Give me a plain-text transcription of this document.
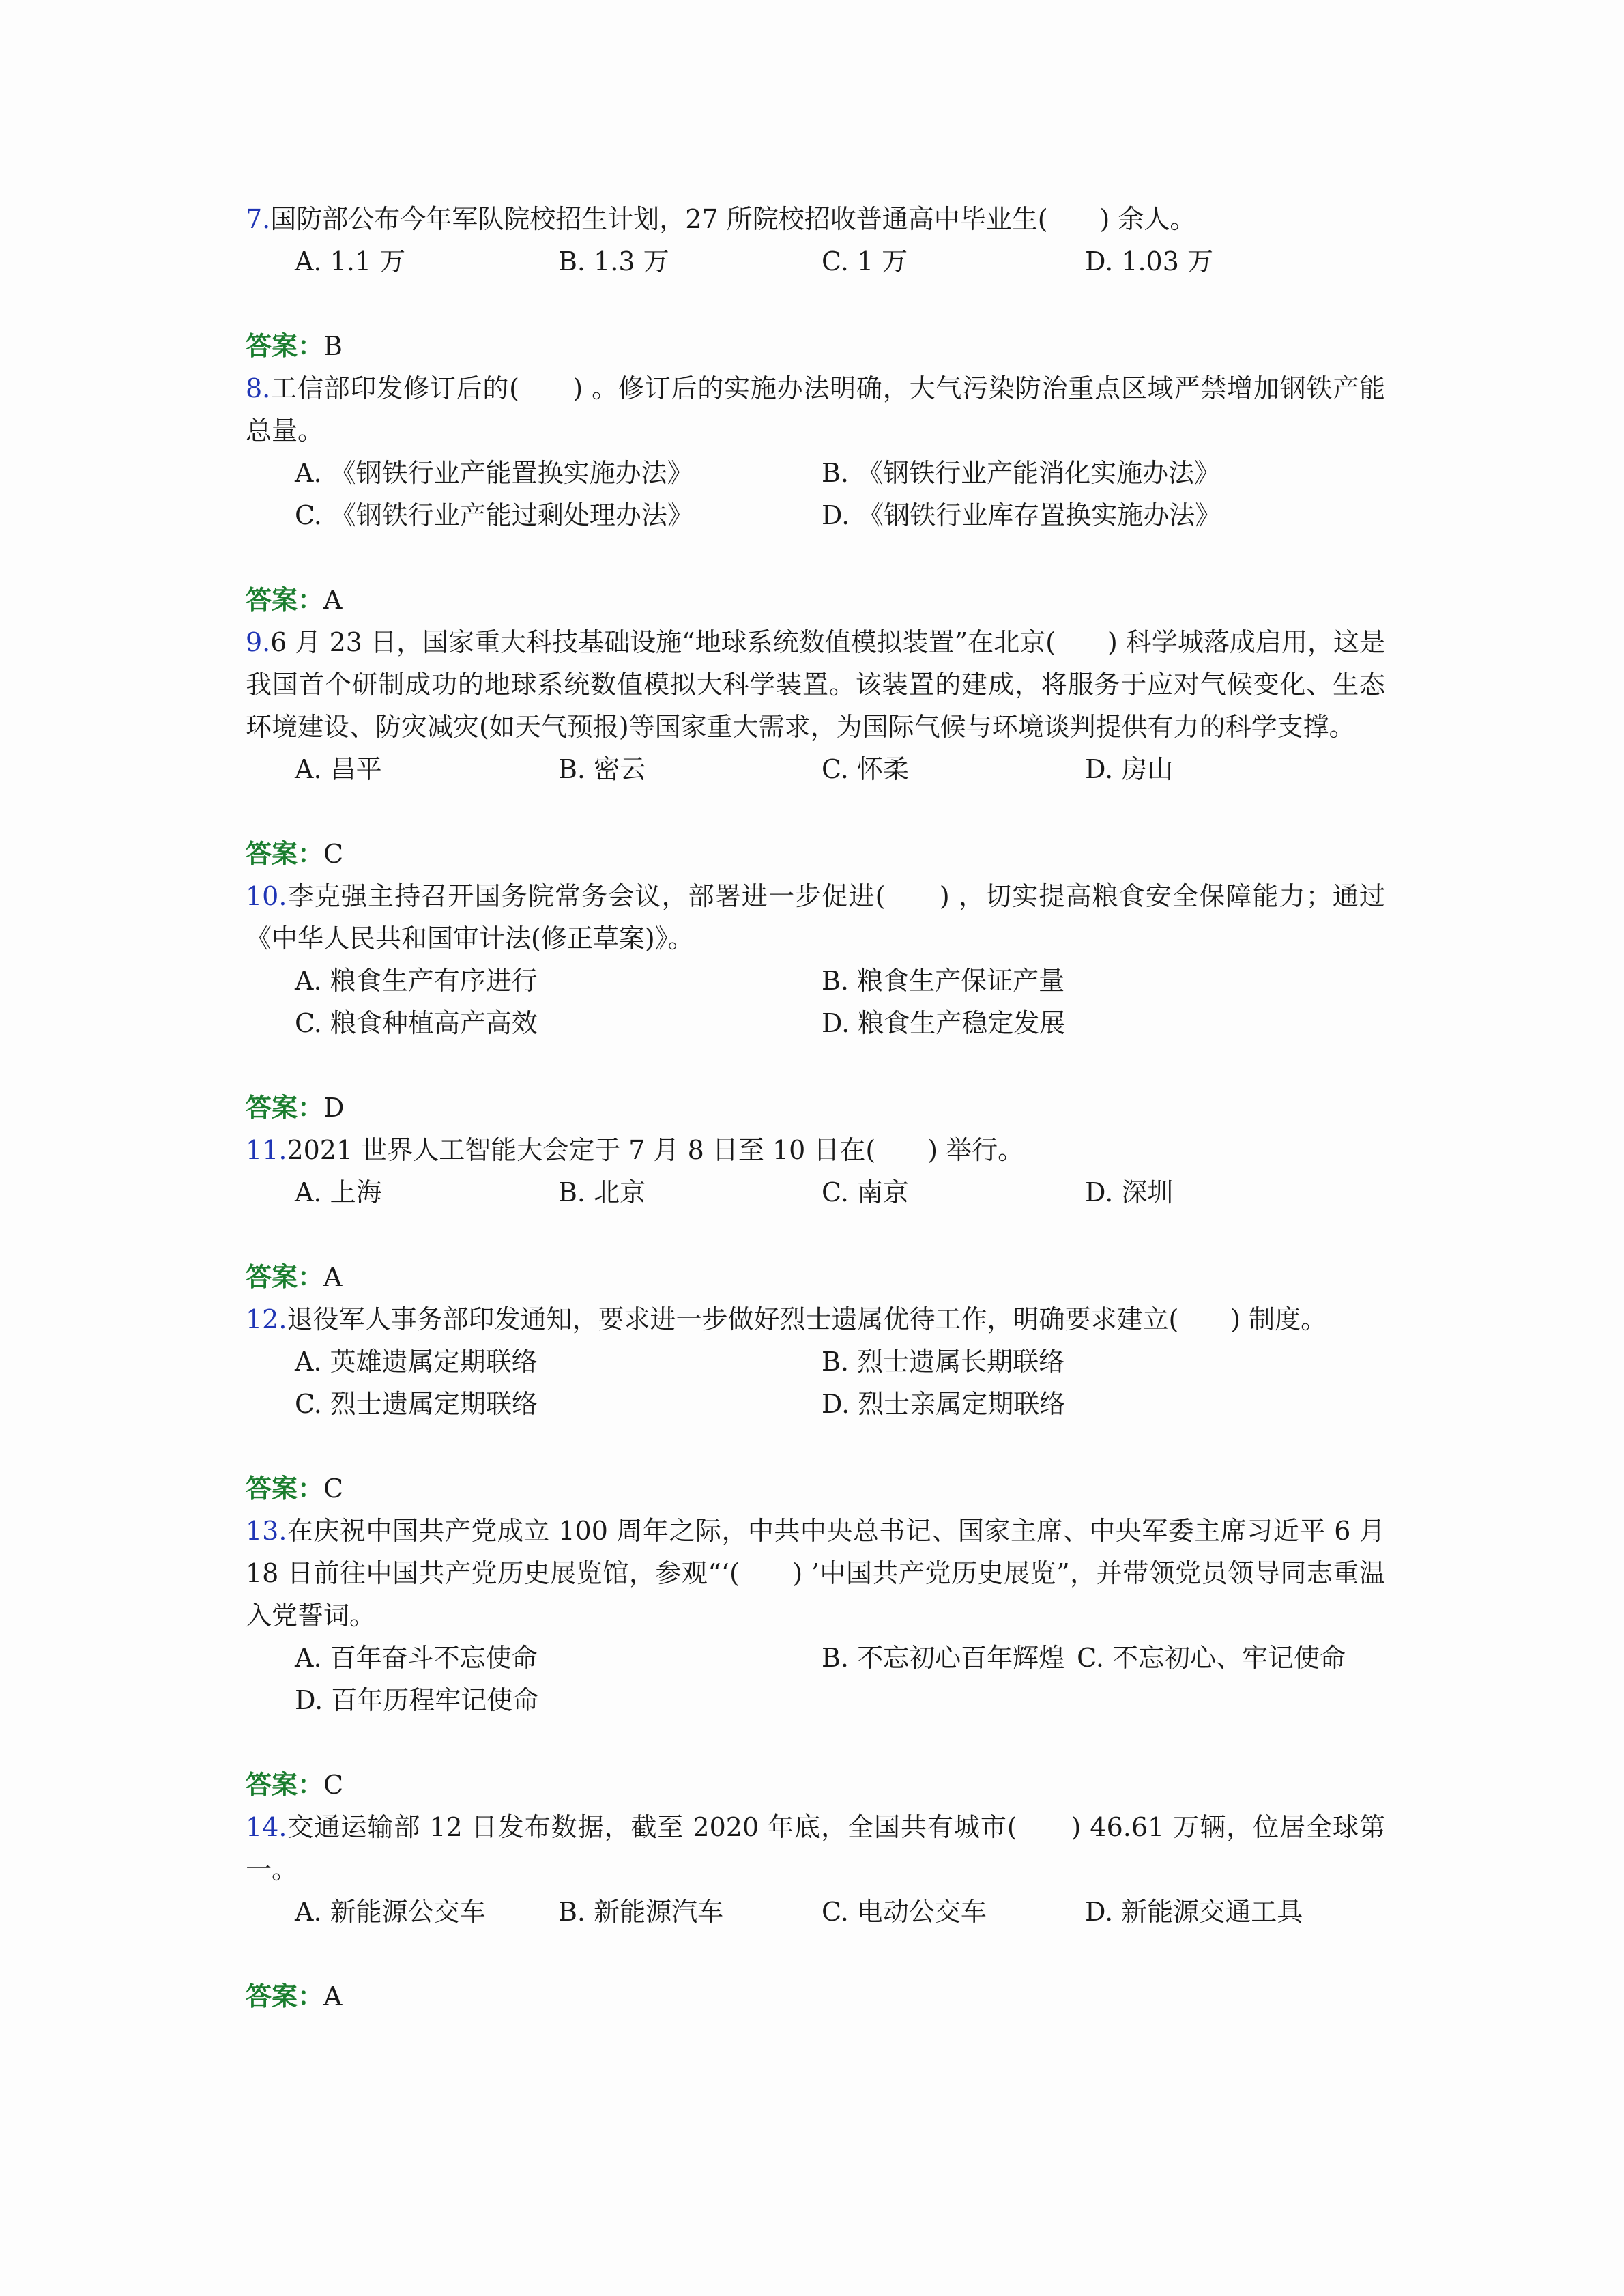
7.国防部公布今年军队院校招生计划，27 所院校招收普通高中毕业生(　　) 余人。

A. 1.1 万	B. 1.3 万	C. 1 万	D. 1.03 万
答案：B

8.工信部印发修订后的(　　) 。修订后的实施办法明确，大气污染防治重点区域严禁增加钢铁产能总量。

A. 《钢铁行业产能置换实施办法》	B. 《钢铁行业产能消化实施办法》
C. 《钢铁行业产能过剩处理办法》	D. 《钢铁行业库存置换实施办法》
答案：A

9.6 月 23 日，国家重大科技基础设施“地球系统数值模拟装置”在北京(　　) 科学城落成启用，这是我国首个研制成功的地球系统数值模拟大科学装置。该装置的建成，将服务于应对气候变化、生态环境建设、防灾减灾(如天气预报)等国家重大需求，为国际气候与环境谈判提供有力的科学支撑。

A. 昌平	B. 密云	C. 怀柔	D. 房山
答案：C

10.李克强主持召开国务院常务会议，部署进一步促进(　　) ，切实提高粮食安全保障能力；通过《中华人民共和国审计法(修正草案)》。

A. 粮食生产有序进行	B. 粮食生产保证产量
C. 粮食种植高产高效	D. 粮食生产稳定发展
答案：D

11.2021 世界人工智能大会定于 7 月 8 日至 10 日在(　　) 举行。

A. 上海	B. 北京	C. 南京	D. 深圳
答案：A

12.退役军人事务部印发通知，要求进一步做好烈士遗属优待工作，明确要求建立(　　) 制度。

A. 英雄遗属定期联络	B. 烈士遗属长期联络
C. 烈士遗属定期联络	D. 烈士亲属定期联络
答案：C

13.在庆祝中国共产党成立 100 周年之际，中共中央总书记、国家主席、中央军委主席习近平 6 月 18 日前往中国共产党历史展览馆，参观“‘(　　) ’中国共产党历史展览”，并带领党员领导同志重温入党誓词。

A. 百年奋斗不忘使命	B. 不忘初心百年辉煌 C. 不忘初心、牢记使命
D. 百年历程牢记使命
答案：C

14.交通运输部 12 日发布数据，截至 2020 年底，全国共有城市(　　) 46.61 万辆，位居全球第一。

A. 新能源公交车	B. 新能源汽车	C. 电动公交车	D. 新能源交通工具
答案：A
